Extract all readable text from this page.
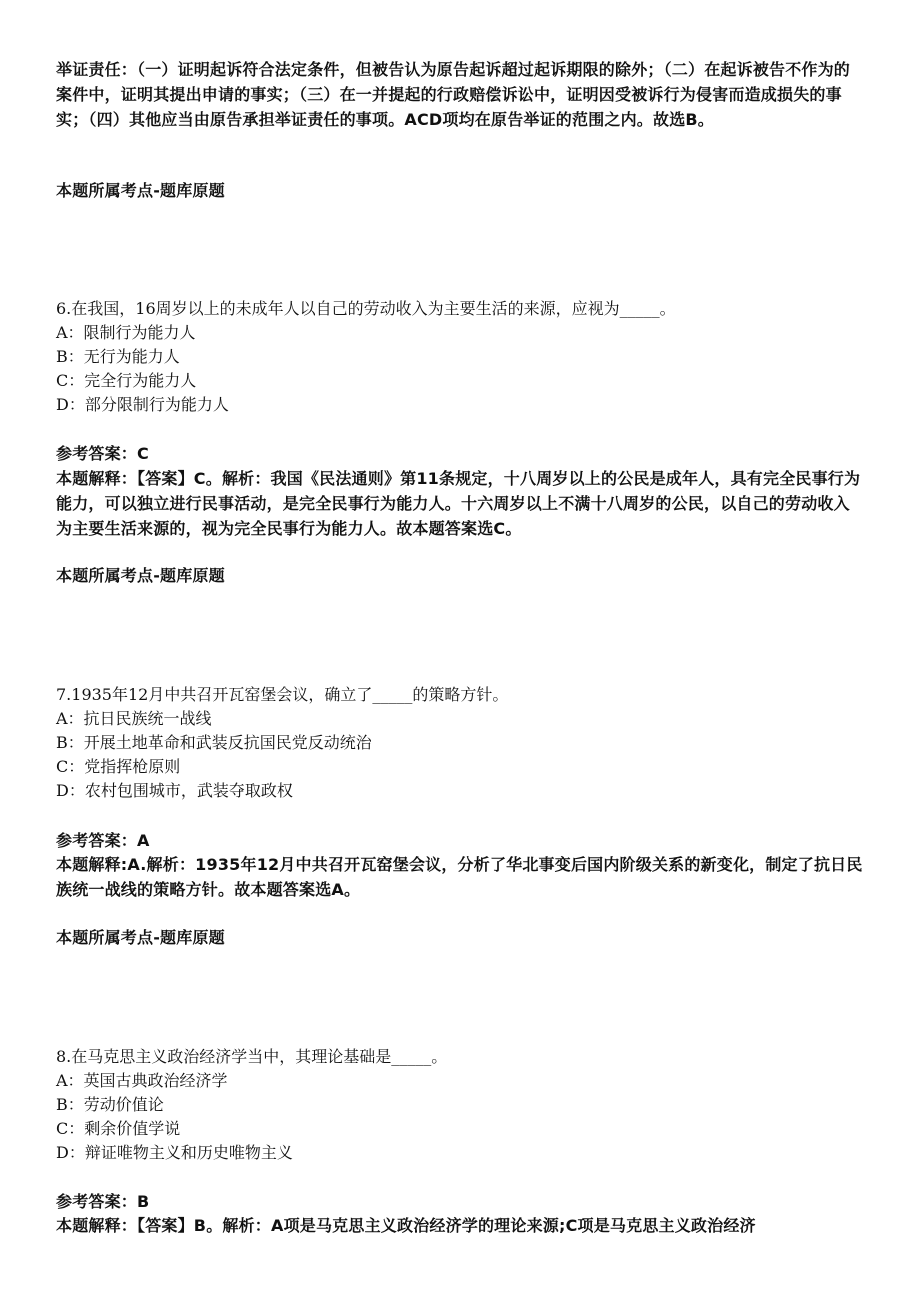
举证责任：（一）证明起诉符合法定条件，但被告认为原告起诉超过起诉期限的除外；（二）在起诉被告不作为的案件中，证明其提出申请的事实；（三）在一并提起的行政赔偿诉讼中，证明因受被诉行为侵害而造成损失的事实；（四）其他应当由原告承担举证责任的事项。ACD项均在原告举证的范围之内。故选B。
本题所属考点-题库原题
6.在我国，16周岁以上的未成年人以自己的劳动收入为主要生活的来源，应视为_____。
A：限制行为能力人
B：无行为能力人
C：完全行为能力人
D：部分限制行为能力人
参考答案：C
本题解释：【答案】C。解析：我国《民法通则》第11条规定，十八周岁以上的公民是成年人，具有完全民事行为能力，可以独立进行民事活动，是完全民事行为能力人。十六周岁以上不满十八周岁的公民，以自己的劳动收入为主要生活来源的，视为完全民事行为能力人。故本题答案选C。
本题所属考点-题库原题
7.1935年12月中共召开瓦窑堡会议，确立了_____的策略方针。
A：抗日民族统一战线
B：开展土地革命和武装反抗国民党反动统治
C：党指挥枪原则
D：农村包围城市，武装夺取政权
参考答案：A
本题解释:A.解析：1935年12月中共召开瓦窑堡会议，分析了华北事变后国内阶级关系的新变化，制定了抗日民族统一战线的策略方针。故本题答案选A。
本题所属考点-题库原题
8.在马克思主义政治经济学当中，其理论基础是_____。
A：英国古典政治经济学
B：劳动价值论
C：剩余价值学说
D：辩证唯物主义和历史唯物主义
参考答案：B
本题解释：【答案】B。解析：A项是马克思主义政治经济学的理论来源;C项是马克思主义政治经济
